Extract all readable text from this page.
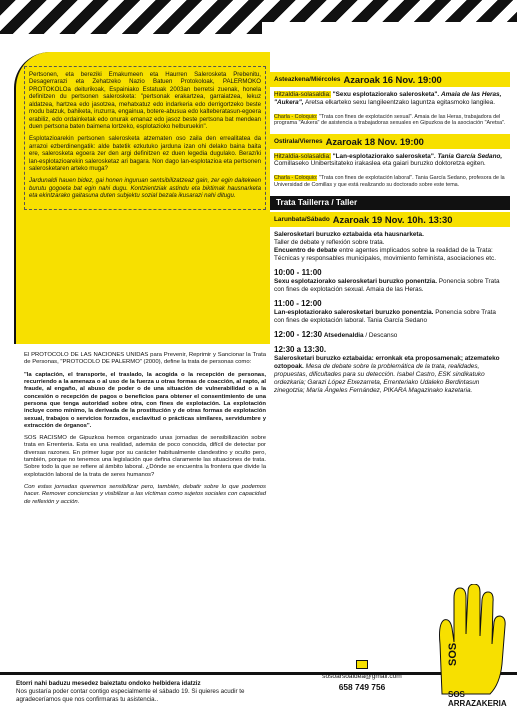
Pertsonen, eta bereziki Emakumeen eta Haurren Salerosketa Prebenitu, Desagerrarazi eta Zehatzeko Nazio Batuen Protokoloak, PALERMOKO PROTOKOLOa deiturikoak, Espainiako Estatuak 2003an berretsi zuenak, honela definitzen du pertsonen salerosketa: "pertsonak erakartzea, garraiatzea, lekuz aldatzea, hartzea edo jasotzea, mehatxatuz edo indarkeria edo derrigortzeko beste modu batzuk, bahiketa, iruzurra, engainua, botere-abusua edo kalteberatasun-egoera erabiliz, edo ordainketak edo onurak emanaz edo jasoz beste pertsona bat mendean duen pertsona baten baimena lortzeko, esplotazioko helburuekin".

Esplotazioarekin pertsonen salerosketa atzematen oso zaila den errealitatea da arrazoi ezberdinengatik: alde batetik ezkutuko jarduna izan ohi delako baina baita ere, salerosketa egoera zer den argi definitzen ez duen legedia dugulako. Beraz/ki lan-esplotazioarekin salerosketaz ari bagara. Non dago lan-esplotazioa eta pertsonen salerosketaren arteko muga?

Jardunaldi hauen bidez, gai honen inguruan sentsibilizatzeaz gain, zer egin daitekeen burutu gogoeta bat egin nahi dugu. Kontzientziak astindu eta biktimak hausnarketa eta ekintzarako gaitasuna duten subjektu sozial bezala ikusarazi nahi ditugu.

El PROTOCOLO DE LAS NACIONES UNIDAS para Prevenir, Reprimir y Sancionar la Trata de Personas, "PROTOCOLO DE PALERMO" (2000), define la trata de personas como:

"la captación, el transporte, el traslado, la acogida o la recepción de personas, recurriendo a la amenaza o al uso de la fuerza u otras formas de coacción, al rapto, al fraude, al engaño, al abuso de poder o de una situación de vulnerabilidad o a la concesión o recepción de pagos o beneficios para obtener el consentimiento de una persona que tenga autoridad sobre otra, con fines de explotación. La explotación incluye como mínimo, la derivada de la prostitución y de otras formas de explotación sexual, trabajos o servicios forzados, esclavitud o prácticas similares, servidumbre y extracción de órganos".

SOS RACISMO de Gipuzkoa hemos organizado unas jornadas de sensibilización sobre trata en Errenteria. Esta es una realidad, además de poco conocida, difícil de detectar por diversas razones. En primer lugar por su carácter habitualmente clandestino y oculto pero, también, porque no tenemos una legislación que defina claramente las situaciones de trata. Sobre todo la que se refiere al ámbito laboral. ¿Dónde se encuentra la frontera que divide la explotación laboral de la trata de seres humanos?

Con estas jornadas queremos sensibilizar pero, también, debatir sobre lo que podemos hacer. Remover conciencias y visibilizar a las víctimas como sujetos sociales con capacidad de reflexión y acción.

Asteazkena/Miércoles Azaroak 16 Nov. 19:00
Hitzaldia-solasaldia: "Sexu esplotaziorako salerosketa". Amaia de las Heras, "Aukera", Aretsa elkarteko sexu langileentzako laguntza egitasmoko langilea.
Charla - Coloquio: "Trata con fines de explotación sexual". Amaia de las Heras, trabajadora del programa "Aukera" de asistencia a trabajadoras sexuales en Gipuzkoa de la asociación "Aretsa".
Ostirala/Viernes Azaroak 18 Nov. 19:00
Hitzaldia-solasaldia: "Lan-esplotaziorako salerosketa". Tania García Sedano, Comillaseko Unibertsitateko irakaslea eta gaiari buruzko doktoretza egiten.
Charla - Coloquio: "Trata con fines de explotación laboral". Tania García Sedano, profesora de la Universidad de Comillas y que está realizando su doctorado sobre este tema.
Trata Taillerra / Taller
Larunbata/Sábado Azaroak 19 Nov. 10h. 13:30
Salerosketari buruzko eztabaida eta hausnarketa.
Taller de debate y reflexión sobre trata.
Encuentro de debate entre agentes implicados sobre la realidad de la Trata: Técnicas y responsables municipales, movimiento feminista, asociaciones etc.
10:00 - 11:00
Sexu esplotaziorako salerosketari buruzko ponentzia. Ponencia sobre Trata con fines de explotación sexual. Amaia de las Heras.
11:00 - 12:00
Lan-esplotaziorako salerosketari buruzko ponentzia. Ponencia sobre Trata con fines de explotación laboral. Tania García Sedano
12:00 - 12:30 Atsedenaldia / Descanso
12:30 a 13:30.
Salerosketari buruzko eztabaida: erronkak eta proposamenak; atzemateko oztopoak. Mesa de debate sobre la problemática de la trata, realidades, propuestas, dificultades para su detección. Isabel Castro, ESK sindikatuko ordezkaria; Garazi López Etxezarreta, Errenteriako Udaleko Berdintasun zinegotzia; María Ángeles Fernández, PIKARA Magazinako kazetaria.
Etorri nahi baduzu mesedez baieztatu ondoko helbidera idatziz
Nos gustaría poder contar contigo especialmente el sábado 19. Si quieres acudir te agradeceríamos que nos confirmaras tu asistencia..
sosoarsoaldea@gmail.com
658 749 756
SOS
SOS ARRAZAKERIA
